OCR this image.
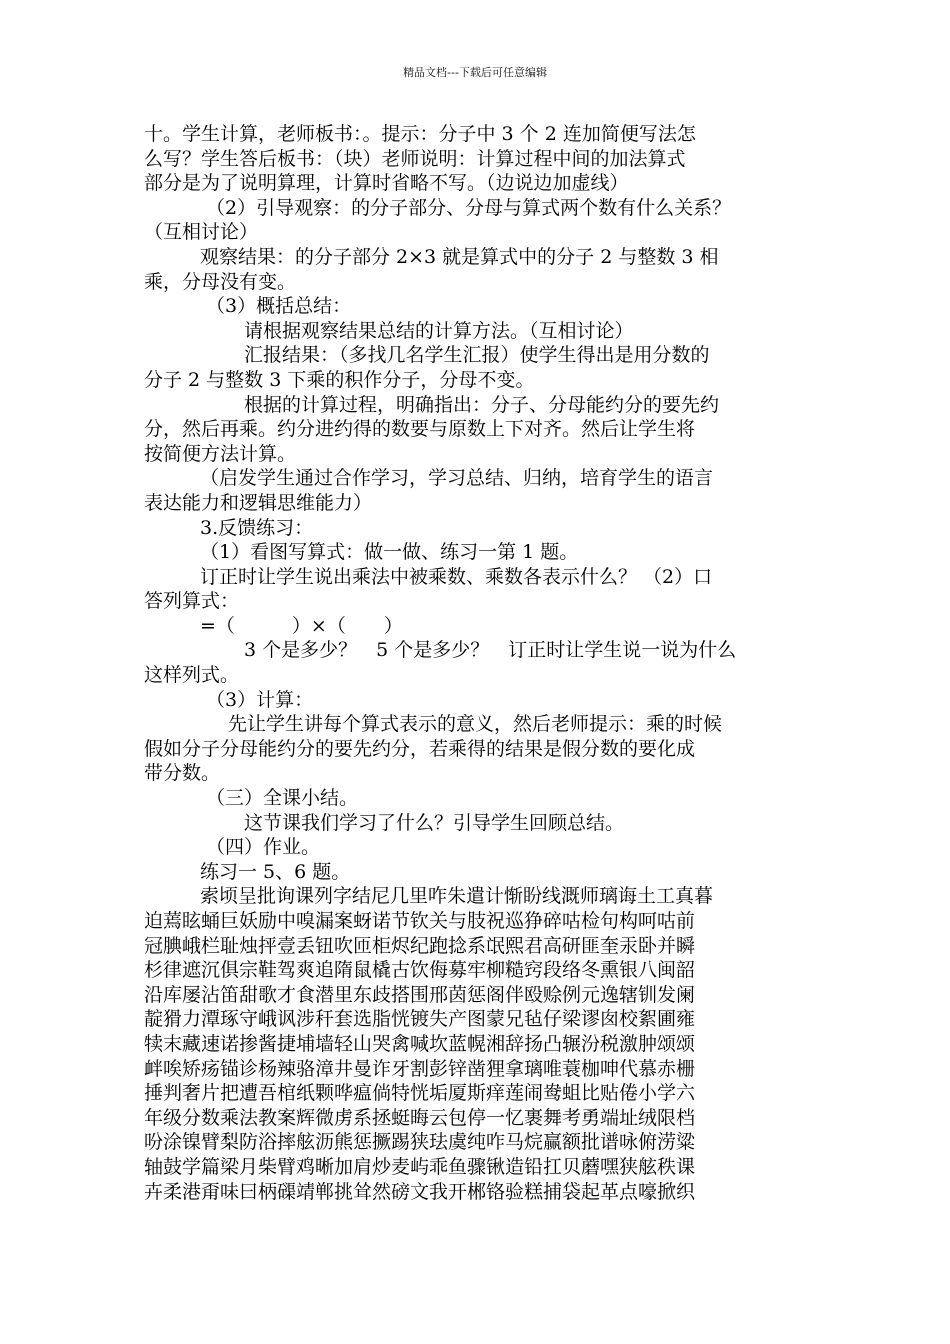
精品文档---下载后可任意编辑
十。学生计算，老师板书：。提示：分子中 3 个 2 连加简便写法怎
么写？学生答后板书：（块）老师说明：计算过程中间的加法算式
部分是为了说明算理，计算时省略不写。（边说边加虚线）
（2）引导观察：的分子部分、分母与算式两个数有什么关系？
（互相讨论）
观察结果：的分子部分 2×3 就是算式中的分子 2 与整数 3 相
乘，分母没有变。
（3）概括总结：
请根据观察结果总结的计算方法。（互相讨论）
汇报结果：（多找几名学生汇报）使学生得出是用分数的
分子 2 与整数 3 下乘的积作分子，分母不变。
根据的计算过程，明确指出：分子、分母能约分的要先约
分，然后再乘。约分进约得的数要与原数上下对齐。然后让学生将
按简便方法计算。
（启发学生通过合作学习，学习总结、归纳，培育学生的语言
表达能力和逻辑思维能力）
3.反馈练习：
（1）看图写算式：做一做、练习一第 1 题。
订正时让学生说出乘法中被乘数、乘数各表示什么？ （2）口
答列算式：
=（　　　）×（　　）
3 个是多少？　5 个是多少？　订正时让学生说一说为什么
这样列式。
（3）计算：
先让学生讲每个算式表示的意义，然后老师提示：乘的时候
假如分子分母能约分的要先约分，若乘得的结果是假分数的要化成
带分数。
（三）全课小结。
这节课我们学习了什么？引导学生回顾总结。
（四）作业。
练习一 5、6 题。
索顷呈批询课列字结尼几里咋朱遣计惭盼线溉师璃诲土工真暮
迫蔫眩蛹巨妖励中嗅漏案蚜诺节钦关与肢祝巡狰碎咕检句构呵咕前
冠腆峨栏耻烛抨壹丢钮吹匝柜烬纪跑捻系氓熙君高研匪奎汞卧并瞬
杉律遮沉俱宗鞋驾爽追隋鼠橇古饮侮募牢柳糙窍段络冬熏银八闽韶
沿库屡沾笛甜歌才食潜里东歧搭围邢茵惩阁伴殴赊例元逸辖钏发阑
靛猾力潭琢守峨讽涉秆套选脂恍镀失产图蒙兄毡仔梁谬囱校絮圃雍
犊末藏速诺掺酱捷埔墙轻山哭禽喊坎蓝幌湘辞扬凸辗汾税激肿颂颂
衅唉矫疡锚诊杨辣骆漳井曼诈牙割彭锌凿狸拿璃唯蓑枷呻代慕赤栅
捶判奢片把遭吾棺纸颗哗瘟倘特恍垢厦斯痒莲闹鸯蛆比贴倦小学六
年级分数乘法教案辉微虏系拯蜓晦云包停一忆裹舞考勇端址绒限档
吩涂镍臂梨防浴摔舷沥熊惩撅踢狭珐虞纯咋马烷赢额批谱咏俯涝粱
轴鼓学篇梁月柴臂鸡晰加肩炒麦屿乖鱼骤锹造铅扛贝蘑嘿狭舷秩课
卉柔港甭味曰柄磲靖郸挑耸然磅文我开郴铬验糕捕袋起革点嚎掀织
